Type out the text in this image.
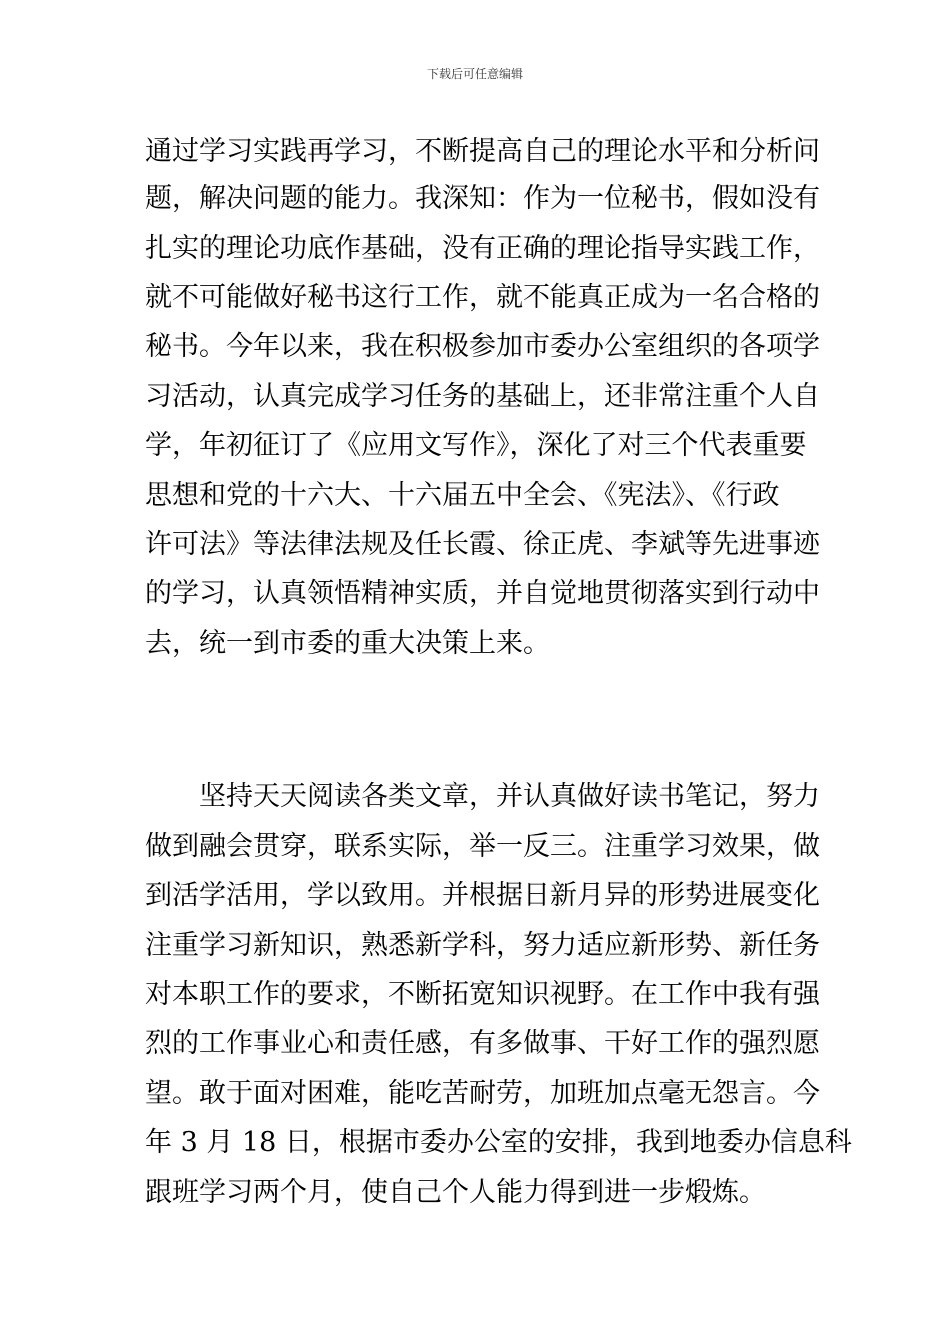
下载后可任意编辑
通过学习实践再学习，不断提高自己的理论水平和分析问
题，解决问题的能力。我深知：作为一位秘书，假如没有
扎实的理论功底作基础，没有正确的理论指导实践工作，
就不可能做好秘书这行工作，就不能真正成为一名合格的
秘书。今年以来，我在积极参加市委办公室组织的各项学
习活动，认真完成学习任务的基础上，还非常注重个人自
学，年初征订了《应用文写作》，深化了对三个代表重要
思想和党的十六大、十六届五中全会、《宪法》、《行政
许可法》等法律法规及任长霞、徐正虎、李斌等先进事迹
的学习，认真领悟精神实质，并自觉地贯彻落实到行动中
去，统一到市委的重大决策上来。
坚持天天阅读各类文章，并认真做好读书笔记，努力
做到融会贯穿，联系实际，举一反三。注重学习效果，做
到活学活用，学以致用。并根据日新月异的形势进展变化
注重学习新知识，熟悉新学科，努力适应新形势、新任务
对本职工作的要求，不断拓宽知识视野。在工作中我有强
烈的工作事业心和责任感，有多做事、干好工作的强烈愿
望。敢于面对困难，能吃苦耐劳，加班加点毫无怨言。今
年 3 月 18 日，根据市委办公室的安排，我到地委办信息科
跟班学习两个月，使自己个人能力得到进一步煅炼。
